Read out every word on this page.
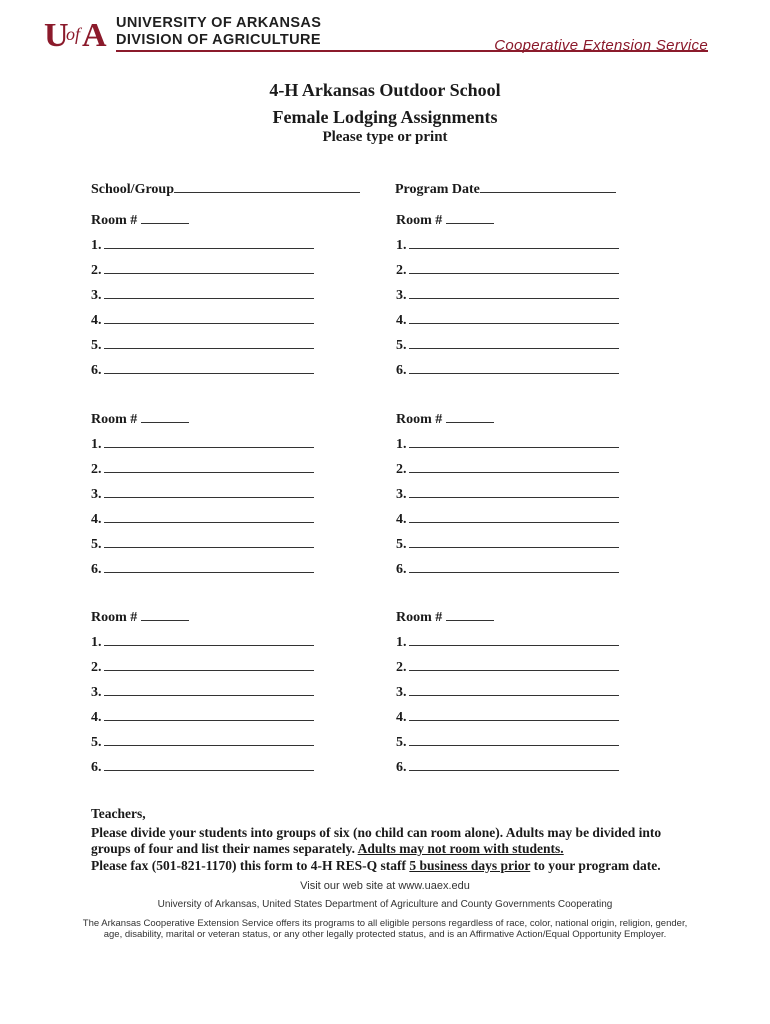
U
of A UNIVERSITY OF ARKANSAS
DIVISION OF AGRICULTURE	Cooperative Extension Service
4-H Arkansas Outdoor School
Female Lodging Assignments
Please type or print
School/Group	Program Date
Room #
1.
2.
3.
4.
5.
6.
Room #
1.
2.
3.
4.
5.
6.
Room #
1.
2.
3.
4.
5.
6.
Room #
1.
2.
3.
4.
5.
6.
Room #
1.
2.
3.
4.
5.
6.
Room #
1.
2.
3.
4.
5.
6.

Teachers,

Please divide your students into groups of six (no child can room alone). Adults may be divided into

groups of four and list their names separately. Adults may not room with students.

Please fax (501-821-1170) this form to 4-H RES-Q staff 5 business days prior to your program date.

Visit our web site at www.uaex.edu
University of Arkansas, United States Department of Agriculture and County Governments Cooperating
The Arkansas Cooperative Extension Service offers its programs to all eligible persons regardless of race, color, national origin, religion, gender,
age, disability, marital or veteran status, or any other legally protected status, and is an Affirmative Action/Equal Opportunity Employer.
